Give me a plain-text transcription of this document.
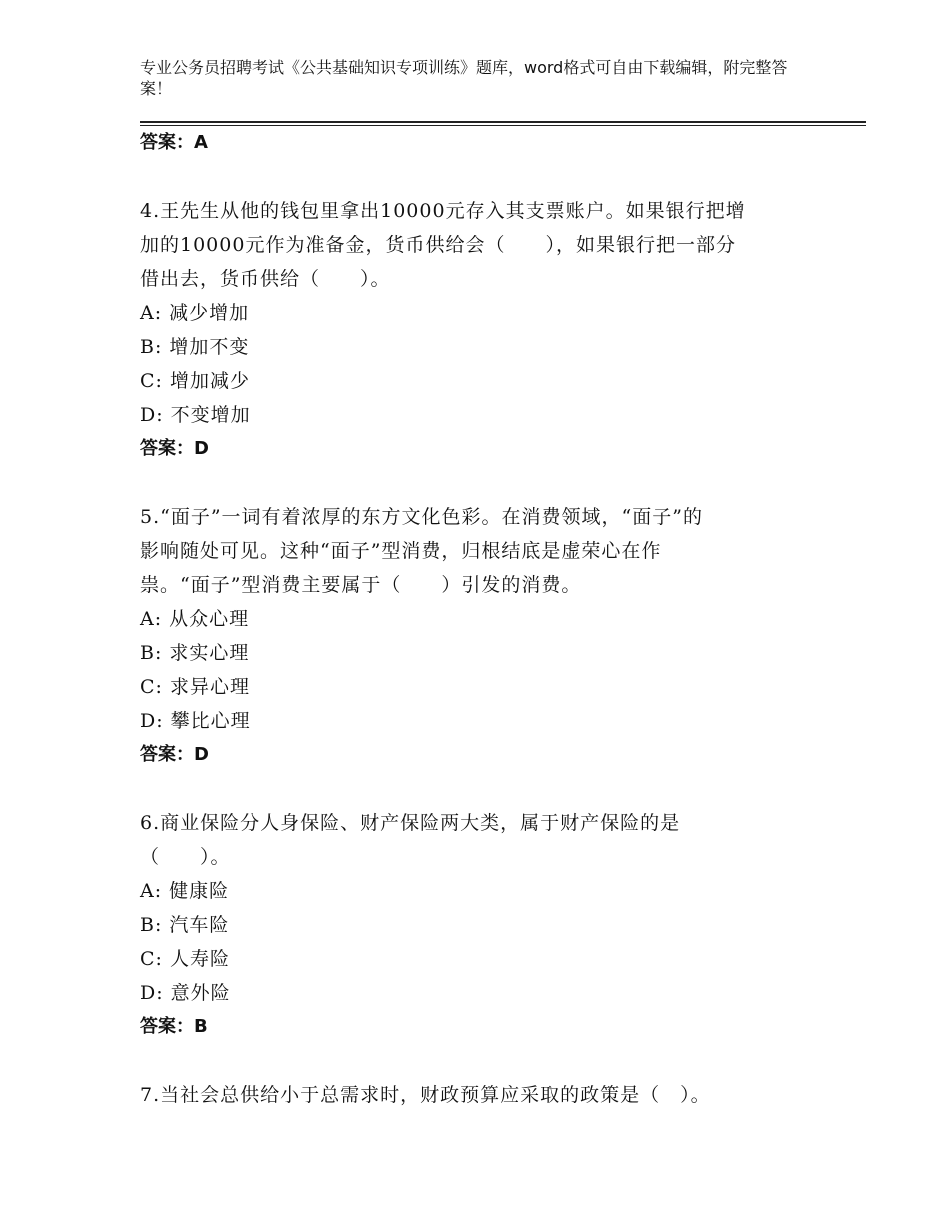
专业公务员招聘考试《公共基础知识专项训练》题库，word格式可自由下载编辑，附完整答案！
答案：A
4.王先生从他的钱包里拿出10000元存入其支票账户。如果银行把增
加的10000元作为准备金，货币供给会（　　），如果银行把一部分
借出去，货币供给（　　）。
A: 减少增加
B: 增加不变
C: 增加减少
D: 不变增加
答案：D
5.“面子”一词有着浓厚的东方文化色彩。在消费领域，“面子”的
影响随处可见。这种“面子”型消费，归根结底是虚荣心在作
祟。“面子”型消费主要属于（　　）引发的消费。
A: 从众心理
B: 求实心理
C: 求异心理
D: 攀比心理
答案：D
6.商业保险分人身保险、财产保险两大类，属于财产保险的是
（　　）。
A: 健康险
B: 汽车险
C: 人寿险
D: 意外险
答案：B
7.当社会总供给小于总需求时，财政预算应采取的政策是（　）。
